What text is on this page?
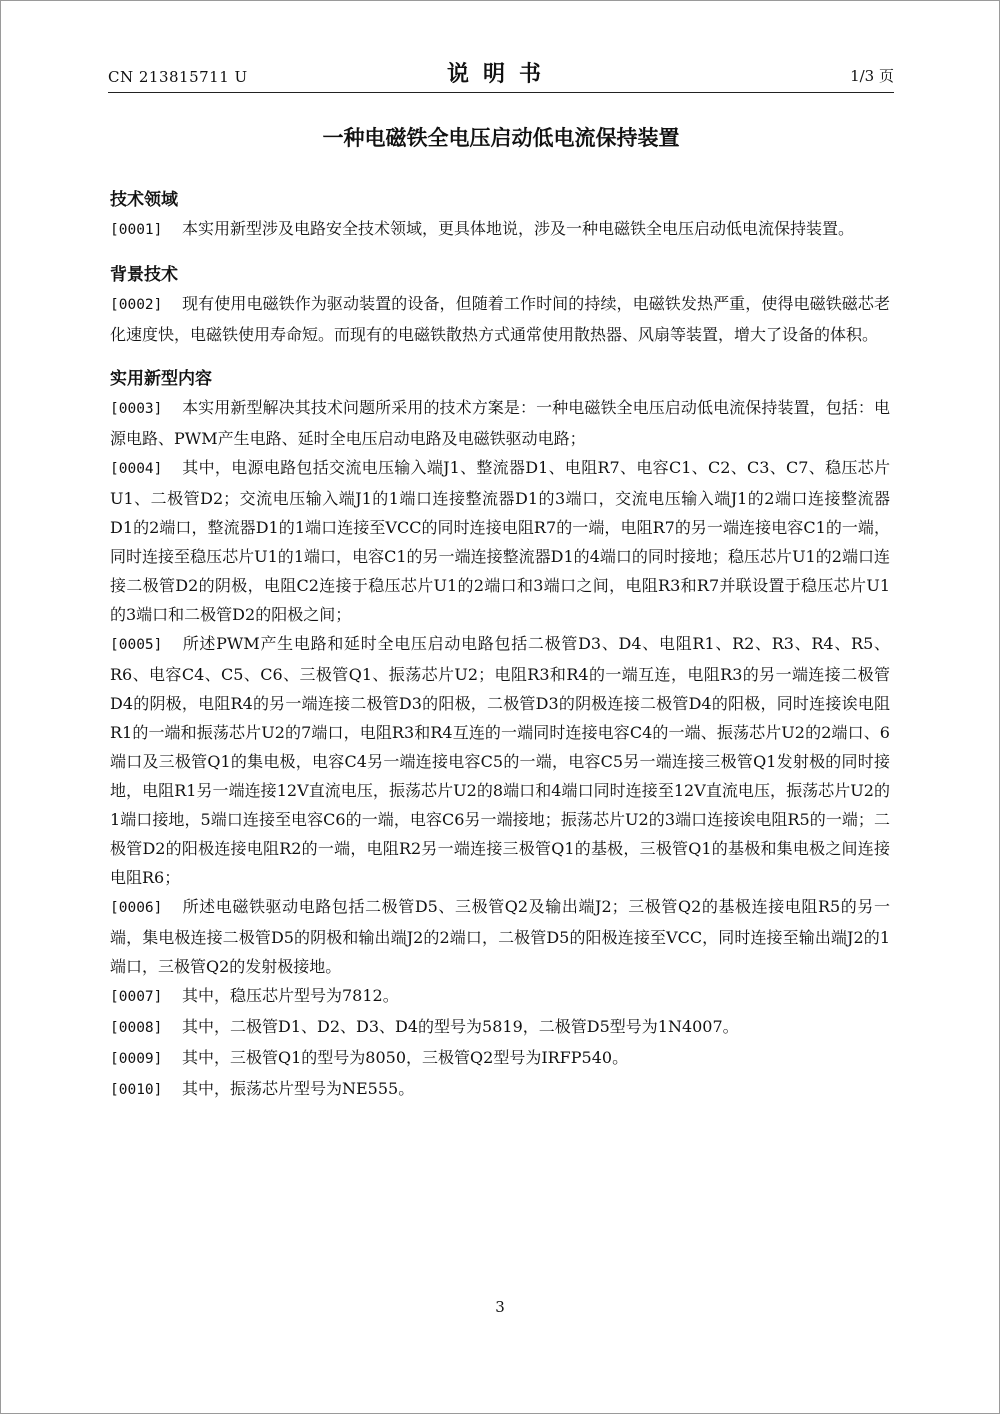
CN 213815711 U	说明书	1/3 页
一种电磁铁全电压启动低电流保持装置

技术领域

[0001] 本实用新型涉及电路安全技术领域，更具体地说，涉及一种电磁铁全电压启动低电流保持装置。

背景技术

[0002] 现有使用电磁铁作为驱动装置的设备，但随着工作时间的持续，电磁铁发热严重，使得电磁铁磁芯老化速度快，电磁铁使用寿命短。而现有的电磁铁散热方式通常使用散热器、风扇等装置，增大了设备的体积。

实用新型内容

[0003] 本实用新型解决其技术问题所采用的技术方案是：一种电磁铁全电压启动低电流保持装置，包括：电源电路、PWM产生电路、延时全电压启动电路及电磁铁驱动电路；

[0004] 其中，电源电路包括交流电压输入端J1、整流器D1、电阻R7、电容C1、C2、C3、C7、稳压芯片U1、二极管D2；交流电压输入端J1的1端口连接整流器D1的3端口，交流电压输入端J1的2端口连接整流器D1的2端口，整流器D1的1端口连接至VCC的同时连接电阻R7的一端，电阻R7的另一端连接电容C1的一端，同时连接至稳压芯片U1的1端口，电容C1的另一端连接整流器D1的4端口的同时接地；稳压芯片U1的2端口连接二极管D2的阴极，电阻C2连接于稳压芯片U1的2端口和3端口之间，电阻R3和R7并联设置于稳压芯片U1的3端口和二极管D2的阳极之间；

[0005] 所述PWM产生电路和延时全电压启动电路包括二极管D3、D4、电阻R1、R2、R3、R4、R5、R6、电容C4、C5、C6、三极管Q1、振荡芯片U2；电阻R3和R4的一端互连，电阻R3的另一端连接二极管D4的阴极，电阻R4的另一端连接二极管D3的阳极，二极管D3的阴极连接二极管D4的阳极，同时连接诶电阻R1的一端和振荡芯片U2的7端口，电阻R3和R4互连的一端同时连接电容C4的一端、振荡芯片U2的2端口、6端口及三极管Q1的集电极，电容C4另一端连接电容C5的一端，电容C5另一端连接三极管Q1发射极的同时接地，电阻R1另一端连接12V直流电压，振荡芯片U2的8端口和4端口同时连接至12V直流电压，振荡芯片U2的1端口接地，5端口连接至电容C6的一端，电容C6另一端接地；振荡芯片U2的3端口连接诶电阻R5的一端；二极管D2的阳极连接电阻R2的一端，电阻R2另一端连接三极管Q1的基极，三极管Q1的基极和集电极之间连接电阻R6；

[0006] 所述电磁铁驱动电路包括二极管D5、三极管Q2及输出端J2；三极管Q2的基极连接电阻R5的另一端，集电极连接二极管D5的阴极和输出端J2的2端口，二极管D5的阳极连接至VCC，同时连接至输出端J2的1端口，三极管Q2的发射极接地。

[0007] 其中，稳压芯片型号为7812。

[0008] 其中，二极管D1、D2、D3、D4的型号为5819，二极管D5型号为1N4007。

[0009] 其中，三极管Q1的型号为8050，三极管Q2型号为IRFP540。

[0010] 其中，振荡芯片型号为NE555。

3
